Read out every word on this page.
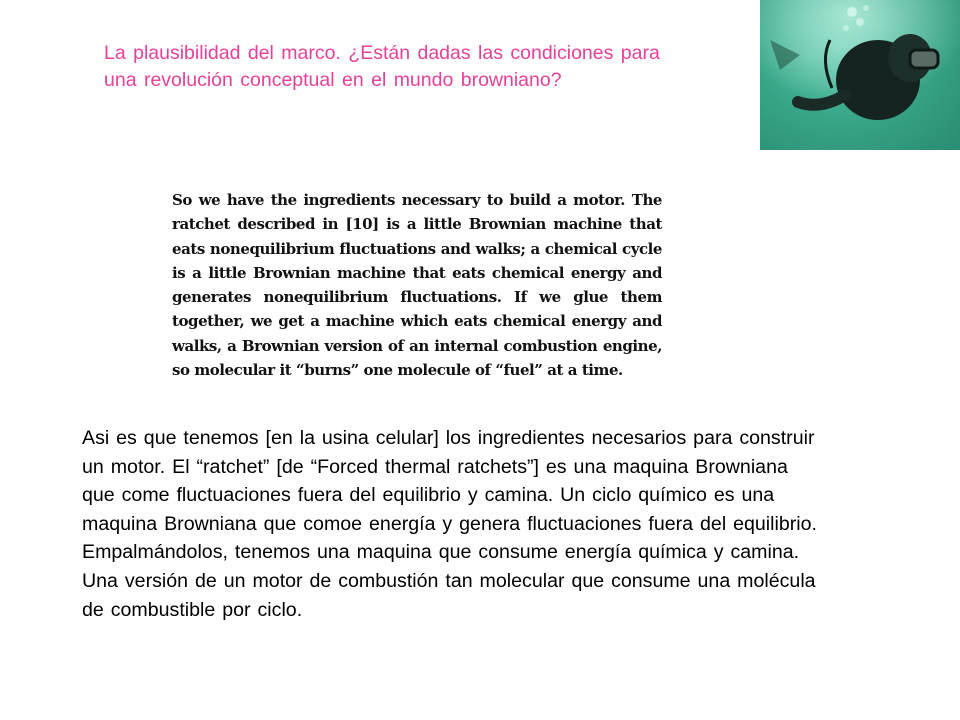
La plausibilidad del marco. ¿Están dadas las condiciones para una revolución conceptual en el mundo browniano?
So we have the ingredients necessary to build a motor. The ratchet described in [10] is a little Brownian machine that eats nonequilibrium fluctuations and walks; a chemical cycle is a little Brownian machine that eats chemical energy and generates nonequilibrium fluctuations. If we glue them together, we get a machine which eats chemical energy and walks, a Brownian version of an internal combustion engine, so molecular it “burns” one molecule of “fuel” at a time.
Asi es que tenemos [en la usina celular] los ingredientes necesarios para construir un motor. El “ratchet” [de “Forced thermal ratchets”] es una maquina Browniana que come fluctuaciones fuera del equilibrio y camina. Un ciclo químico es una maquina Browniana que comoe energía y genera fluctuaciones fuera del equilibrio. Empalmándolos, tenemos una maquina que consume energía química y camina. Una versión de un motor de combustión tan molecular que consume una molécula de combustible por ciclo.
